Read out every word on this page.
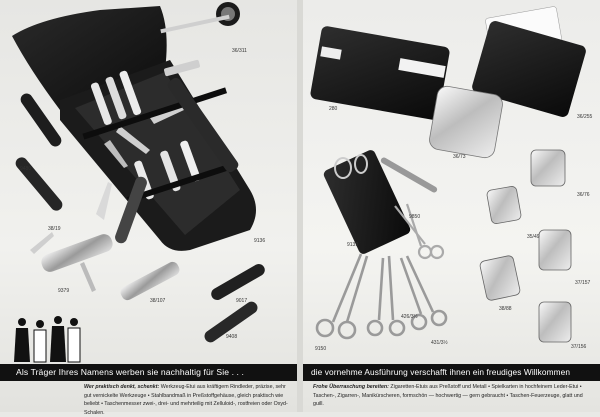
36/311
9136
9480
38/19
9379
38/107	9017
9408
Als Träger Ihres Namens werben sie nachhaltig für Sie . . .
Wer praktisch denkt, schenkt: Werkzeug-Etui aus kräftigem Rindleder, präzise, sehr gut vernickelte Werkzeuge • Stahlbandmaß in Preßstoffgehäuse, gleich praktisch wie beliebt • Taschenmesser zwei-, drei- und mehrteilig mit Zelluloid-, rostfreien oder Oxyd-Schalen.
280
36/255
36/73
9139
9850
36/76
35/49
37/157
38/88
37/156
9150
426/3½
431/3½
die vornehme Ausführung verschafft ihnen ein freudiges Willkommen
Frohe Überraschung bereiten: Zigaretten-Etuis aus Preßstoff und Metall • Spielkarten in hochfeinem Leder-Etui • Taschen-, Zigarren-, Manikürscheren, formschön — hochwertig — gern gebraucht • Taschen-Feuerzeuge, glatt und guill.
